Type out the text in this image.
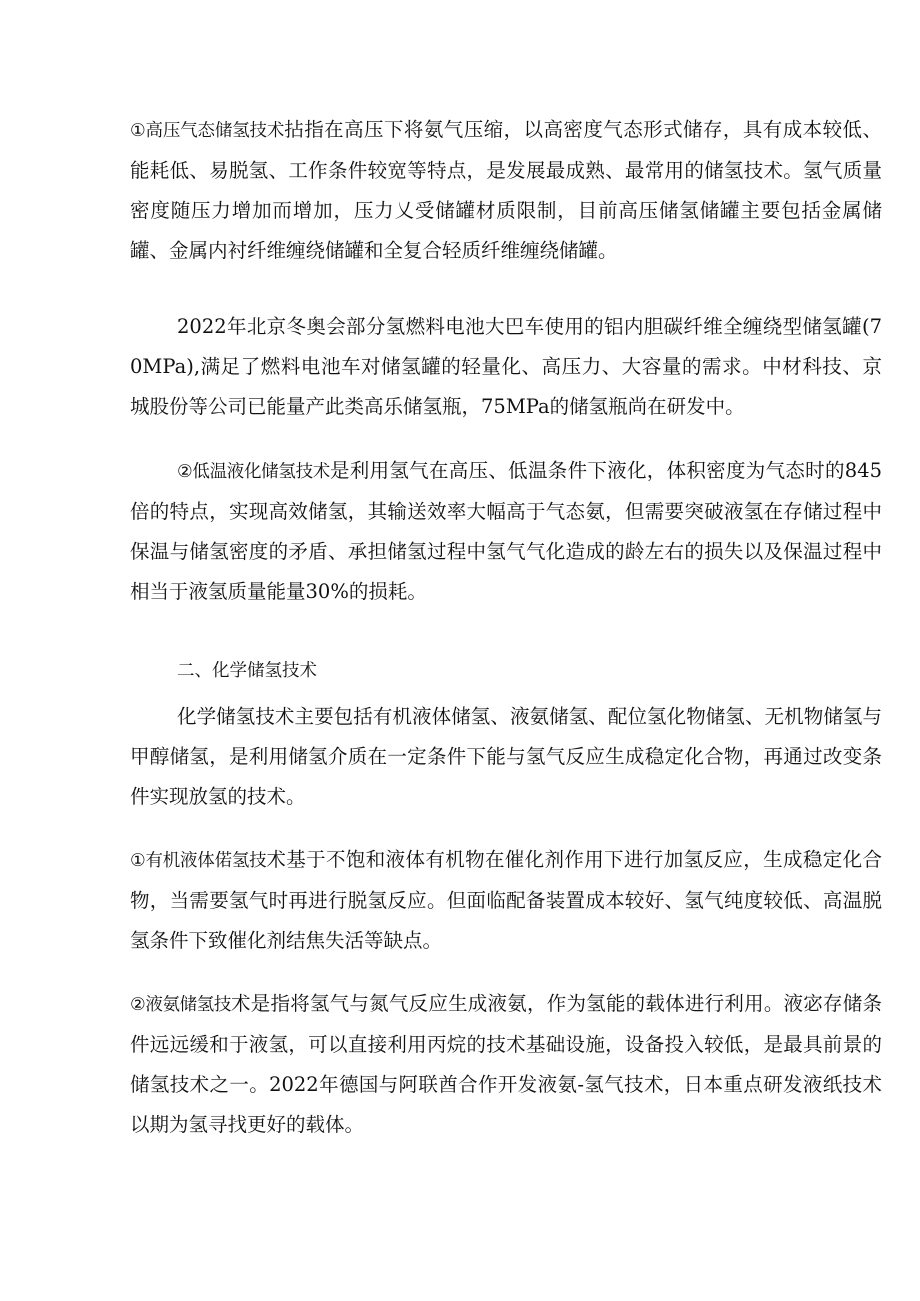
①高压气态储氢技术拈指在高压下将氨气压缩，以高密度气态形式储存，具有成本较低、能耗低、易脱氢、工作条件较宽等特点，是发展最成熟、最常用的储氢技术。氢气质量密度随压力增加而增加，压力乂受储罐材质限制，目前高压储氢储罐主要包括金属储罐、金属内衬纤维缠绕储罐和全复合轻质纤维缠绕储罐。

2022年北京冬奥会部分氢燃料电池大巴车使用的铝内胆碳纤维全缠绕型储氢罐(70MPa),满足了燃料电池车对储氢罐的轻量化、高压力、大容量的需求。中材科技、京城股份等公司已能量产此类高乐储氢瓶，75MPa的储氢瓶尚在研发中。

②低温液化储氢技术是利用氢气在高压、低温条件下液化，体积密度为气态时的845倍的特点，实现高效储氢，其输送效率大幅高于气态氨，但需要突破液氢在存储过程中保温与储氢密度的矛盾、承担储氢过程中氢气气化造成的龄左右的损失以及保温过程中相当于液氢质量能量30%的损耗。

二、化学储氢技术

化学储氢技术主要包括有机液体储氢、液氨储氢、配位氢化物储氢、无机物储氢与甲醇储氢，是利用储氢介质在一定条件下能与氢气反应生成稳定化合物，再通过改变条件实现放氢的技术。

①有机液体偌氢技术基于不饱和液体有机物在催化剂作用下进行加氢反应，生成稳定化合物，当需要氢气时再进行脱氢反应。但面临配备装置成本较好、氢气纯度较低、高温脱氢条件下致催化剂结焦失活等缺点。

②液氨储氢技术是指将氢气与氮气反应生成液氨，作为氢能的载体进行利用。液宓存储条件远远缓和于液氢，可以直接利用丙烷的技术基础设施，设备投入较低，是最具前景的储氢技术之一。2022年德国与阿联酋合作开发液氨-氢气技术，日本重点研发液纸技术以期为氢寻找更好的载体。
